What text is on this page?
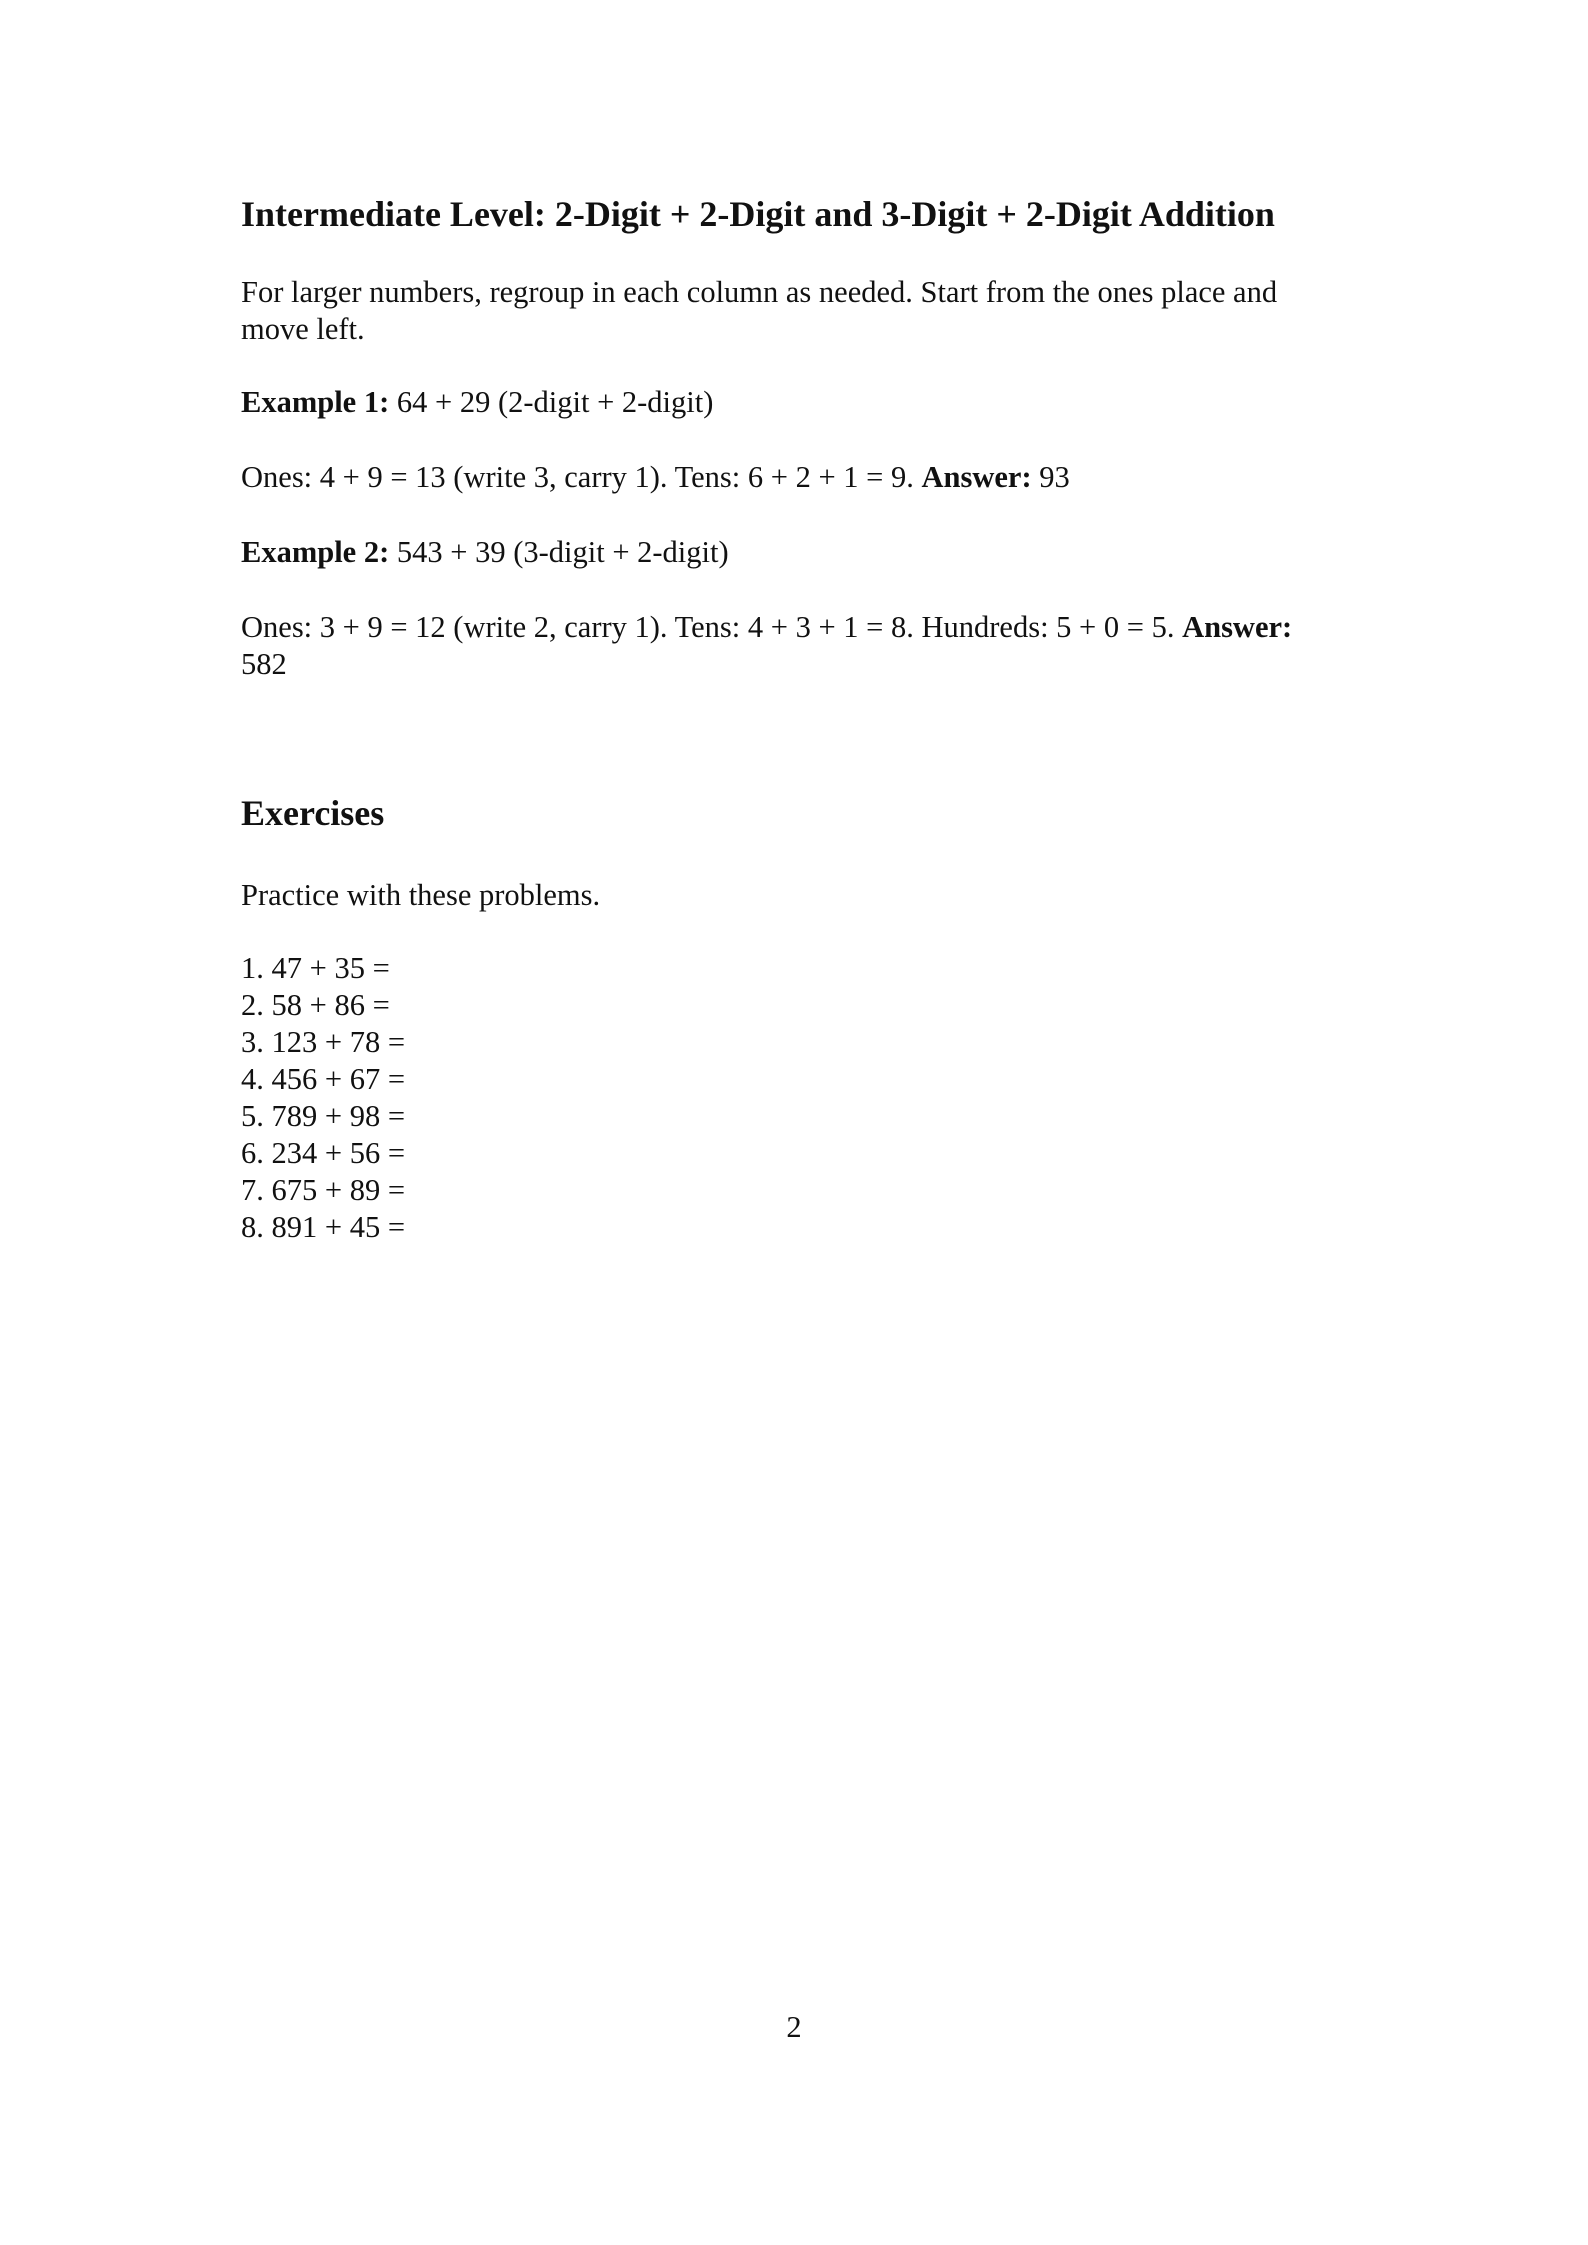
Intermediate Level: 2-Digit + 2-Digit and 3-Digit + 2-Digit Addition
For larger numbers, regroup in each column as needed. Start from the ones place and
move left.
Example 1: 64 + 29 (2-digit + 2-digit)
Ones: 4 + 9 = 13 (write 3, carry 1). Tens: 6 + 2 + 1 = 9. Answer: 93
Example 2: 543 + 39 (3-digit + 2-digit)
Ones: 3 + 9 = 12 (write 2, carry 1). Tens: 4 + 3 + 1 = 8. Hundreds: 5 + 0 = 5. Answer:
582
Exercises
Practice with these problems.
1. 47 + 35 =
2. 58 + 86 =
3. 123 + 78 =
4. 456 + 67 =
5. 789 + 98 =
6. 234 + 56 =
7. 675 + 89 =
8. 891 + 45 =
2
